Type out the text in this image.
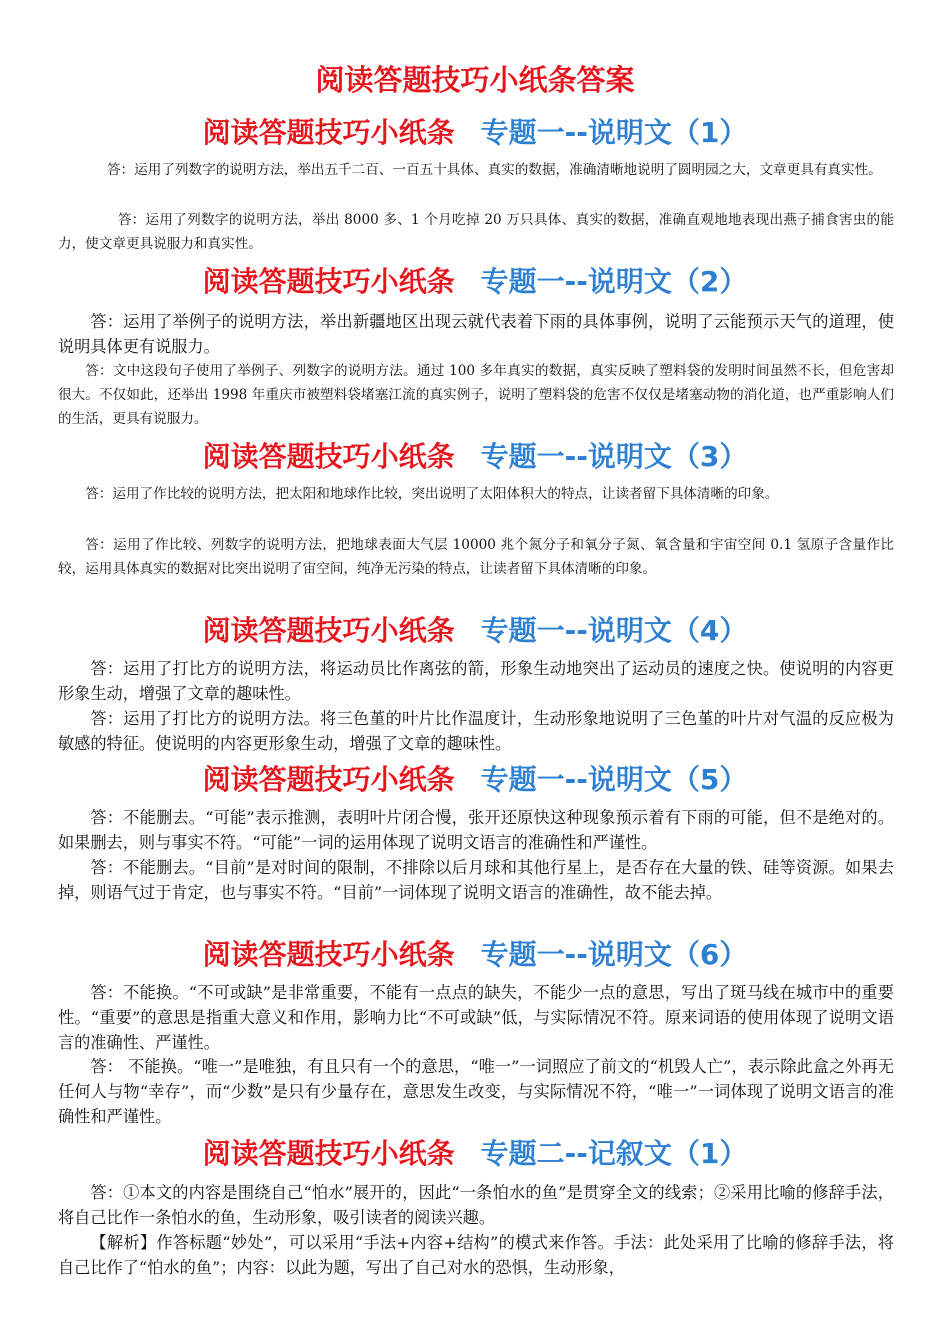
阅读答题技巧小纸条答案
阅读答题技巧小纸条 专题一--说明文（1）

答：运用了列数字的说明方法，举出五千二百、一百五十具体、真实的数据，准确清晰地说明了圆明园之大，文章更具有真实性。

答：运用了列数字的说明方法，举出 8000 多、1 个月吃掉 20 万只具体、真实的数据，准确直观地地表现出燕子捕食害虫的能力，使文章更具说服力和真实性。

阅读答题技巧小纸条 专题一--说明文（2）

答：运用了举例子的说明方法，举出新疆地区出现云就代表着下雨的具体事例，说明了云能预示天气的道理，使说明具体更有说服力。

答：文中这段句子使用了举例子、列数字的说明方法。通过 100 多年真实的数据，真实反映了塑料袋的发明时间虽然不长，但危害却很大。不仅如此，还举出 1998 年重庆市被塑料袋堵塞江流的真实例子，说明了塑料袋的危害不仅仅是堵塞动物的消化道，也严重影响人们的生活，更具有说服力。

阅读答题技巧小纸条 专题一--说明文（3）

答：运用了作比较的说明方法，把太阳和地球作比较，突出说明了太阳体积大的特点，让读者留下具体清晰的印象。

答：运用了作比较、列数字的说明方法，把地球表面大气层 10000 兆个氮分子和氧分子氮、氧含量和宇宙空间 0.1 氢原子含量作比较，运用具体真实的数据对比突出说明了宙空间，纯净无污染的特点，让读者留下具体清晰的印象。

阅读答题技巧小纸条 专题一--说明文（4）

答：运用了打比方的说明方法，将运动员比作离弦的箭，形象生动地突出了运动员的速度之快。使说明的内容更形象生动，增强了文章的趣味性。

答：运用了打比方的说明方法。将三色堇的叶片比作温度计，生动形象地说明了三色堇的叶片对气温的反应极为敏感的特征。使说明的内容更形象生动，增强了文章的趣味性。

阅读答题技巧小纸条 专题一--说明文（5）

答：不能删去。“可能”表示推测，表明叶片闭合慢，张开还原快这种现象预示着有下雨的可能，但不是绝对的。如果删去，则与事实不符。“可能”一词的运用体现了说明文语言的准确性和严谨性。

答：不能删去。“目前”是对时间的限制，不排除以后月球和其他行星上，是否存在大量的铁、硅等资源。如果去掉，则语气过于肯定，也与事实不符。“目前”一词体现了说明文语言的准确性，故不能去掉。

阅读答题技巧小纸条 专题一--说明文（6）

答：不能换。“不可或缺”是非常重要，不能有一点点的缺失，不能少一点的意思，写出了斑马线在城市中的重要性。“重要”的意思是指重大意义和作用，影响力比“不可或缺”低，与实际情况不符。原来词语的使用体现了说明文语言的准确性、严谨性。

答： 不能换。“唯一”是唯独，有且只有一个的意思，“唯一”一词照应了前文的“机毁人亡”，表示除此盒之外再无任何人与物“幸存”，而“少数”是只有少量存在，意思发生改变，与实际情况不符，“唯一”一词体现了说明文语言的准确性和严谨性。

阅读答题技巧小纸条 专题二--记叙文（1）

答：①本文的内容是围绕自己“怕水”展开的，因此“一条怕水的鱼”是贯穿全文的线索；②采用比喻的修辞手法，将自己比作一条怕水的鱼，生动形象，吸引读者的阅读兴趣。

【解析】作答标题“妙处”，可以采用“手法+内容+结构”的模式来作答。手法：此处采用了比喻的修辞手法，将自己比作了“怕水的鱼”；内容：以此为题，写出了自己对水的恐惧，生动形象，
